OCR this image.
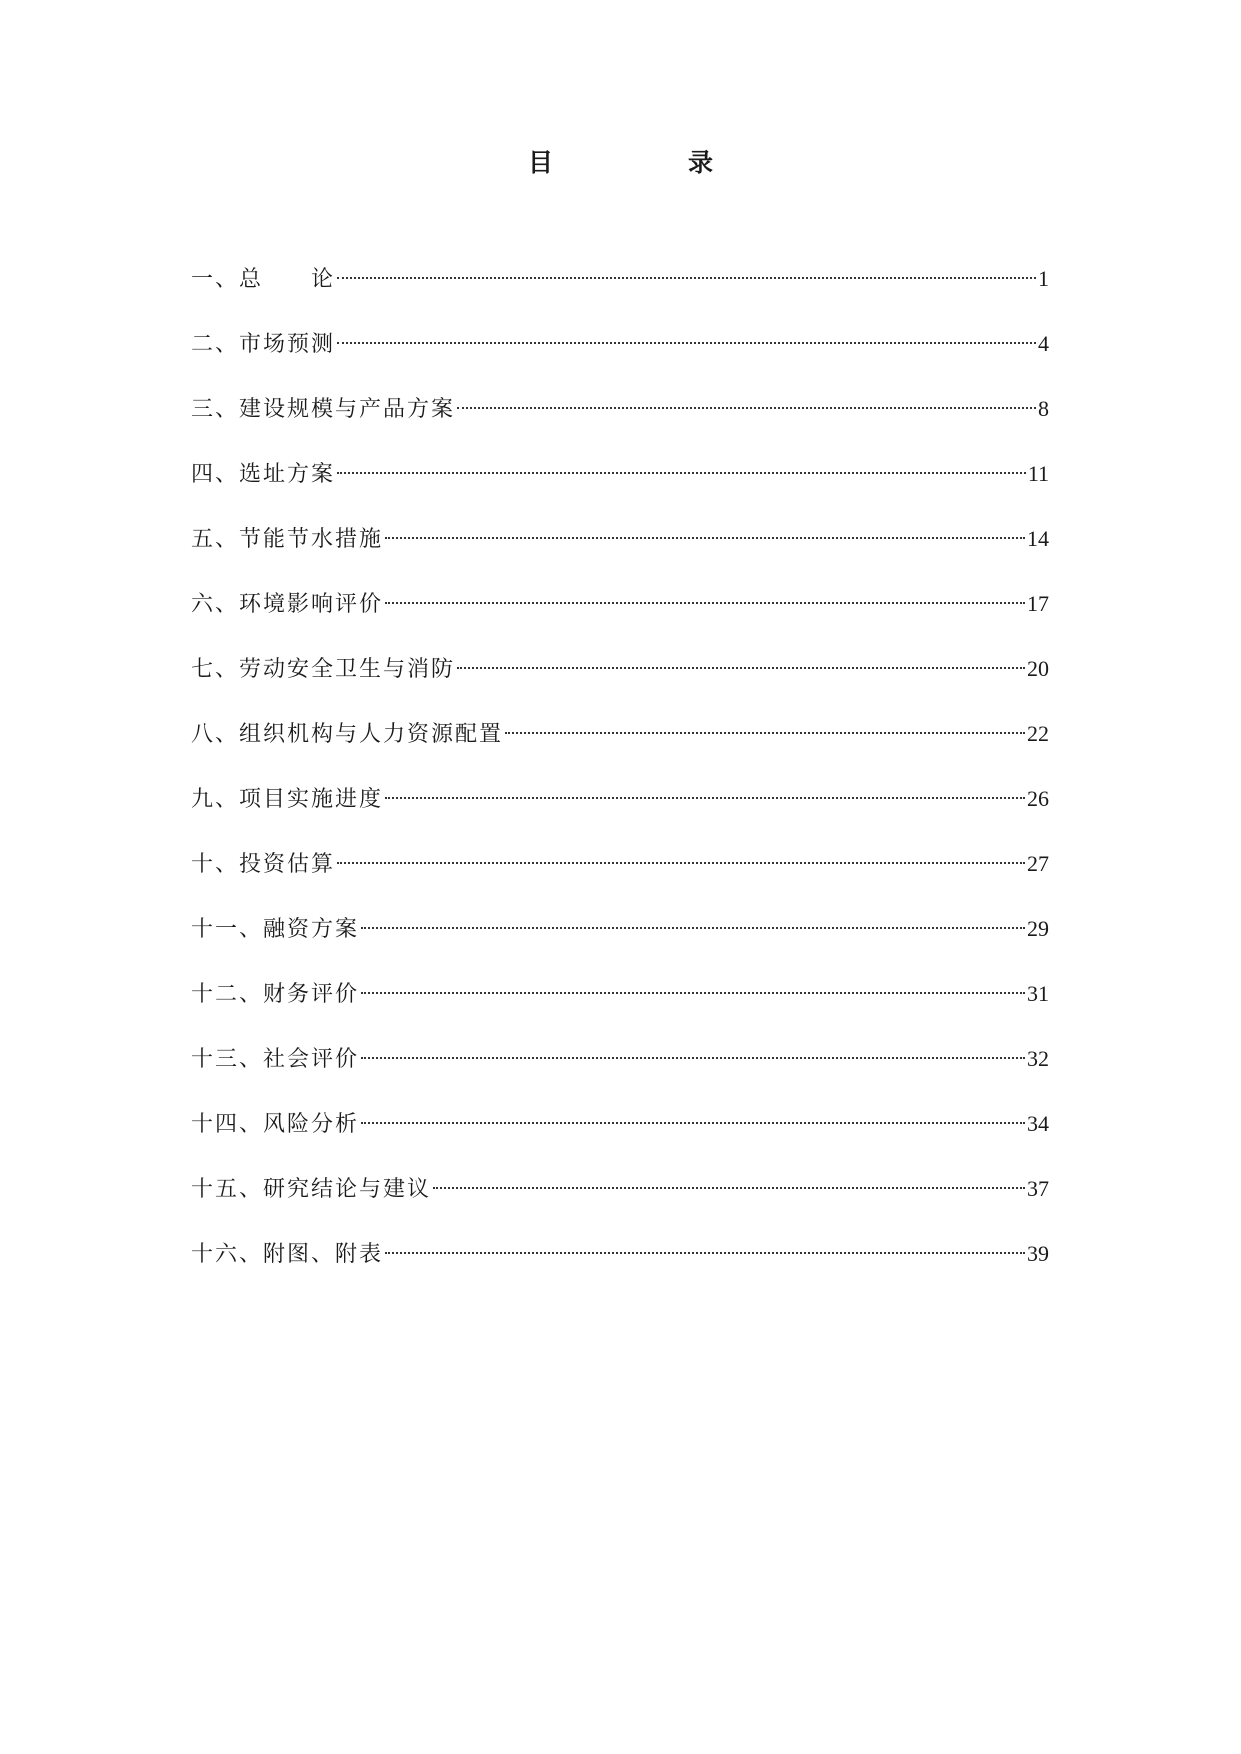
目　录
一、总　　论	1
二、市场预测	4
三、建设规模与产品方案	8
四、选址方案	11
五、节能节水措施	14
六、环境影响评价	17
七、劳动安全卫生与消防	20
八、组织机构与人力资源配置	22
九、项目实施进度	26
十、投资估算	27
十一、融资方案	29
十二、财务评价	31
十三、社会评价	32
十四、风险分析	34
十五、研究结论与建议	37
十六、附图、附表	39
